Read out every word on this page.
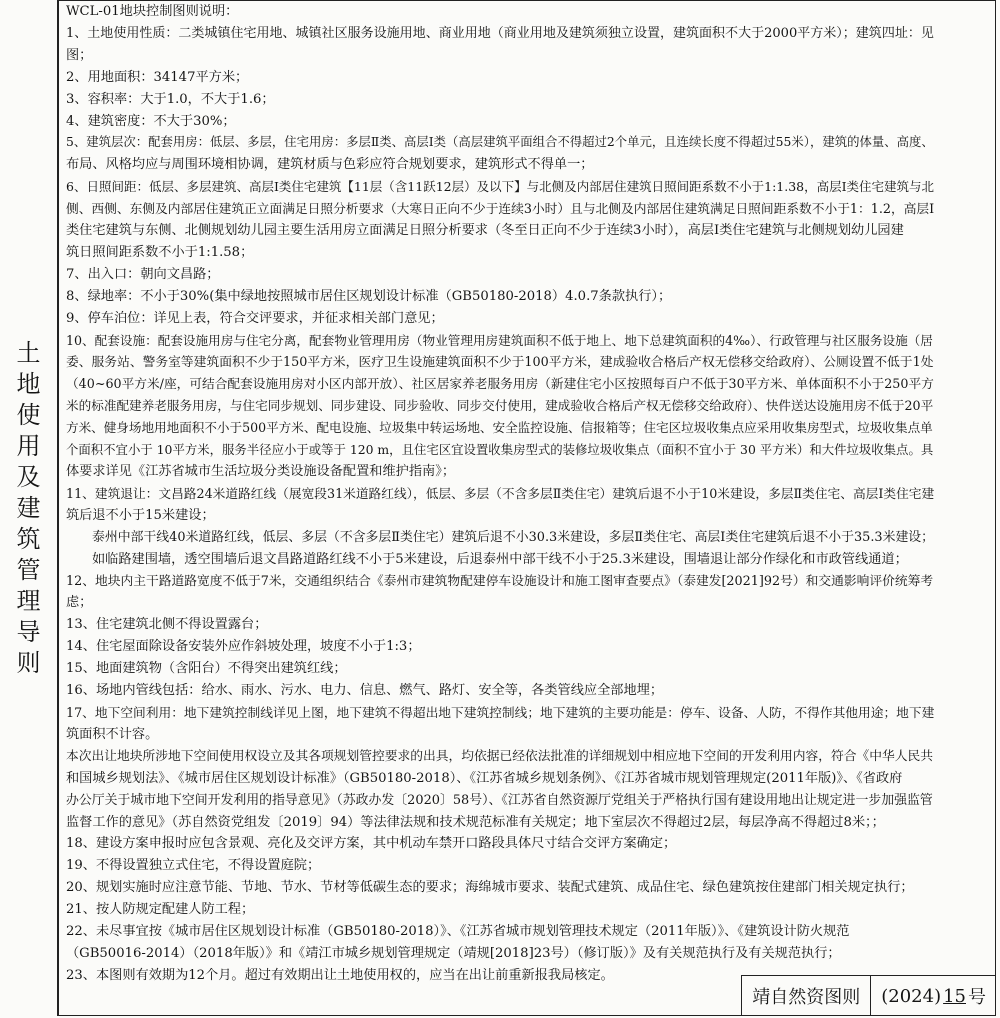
土
地
使
用
及
建
筑
管
理
导
则
WCL-01地块控制图则说明：
1、土地使用性质：二类城镇住宅用地、城镇社区服务设施用地、商业用地（商业用地及建筑须独立设置，建筑面积不大于2000平方米）；建筑四址：见
图；
2、用地面积：34147平方米；
3、容积率：大于1.0，不大于1.6；
4、建筑密度：不大于30%；
5、建筑层次：配套用房：低层、多层，住宅用房：多层Ⅱ类、高层Ⅰ类（高层建筑平面组合不得超过2个单元，且连续长度不得超过55米），建筑的体量、高度、
布局、风格均应与周围环境相协调，建筑材质与色彩应符合规划要求，建筑形式不得单一；
6、日照间距：低层、多层建筑、高层Ⅰ类住宅建筑【11层（含11跃12层）及以下】与北侧及内部居住建筑日照间距系数不小于1:1.38，高层Ⅰ类住宅建筑与北
侧、西侧、东侧及内部居住建筑正立面满足日照分析要求（大寒日正向不少于连续3小时）且与北侧及内部居住建筑满足日照间距系数不小于1：1.2，高层Ⅰ
类住宅建筑与东侧、北侧规划幼儿园主要生活用房立面满足日照分析要求（冬至日正向不少于连续3小时），高层Ⅰ类住宅建筑与北侧规划幼儿园建
筑日照间距系数不小于1:1.58；
7、出入口：朝向文昌路；
8、绿地率：不小于30%(集中绿地按照城市居住区规划设计标准（GB50180-2018）4.0.7条款执行）；
9、停车泊位：详见上表，符合交评要求，并征求相关部门意见；
10、配套设施：配套设施用房与住宅分离，配套物业管理用房（物业管理用房建筑面积不低于地上、地下总建筑面积的4‰）、行政管理与社区服务设施（居
委、服务站、警务室等建筑面积不少于150平方米，医疗卫生设施建筑面积不少于100平方米，建成验收合格后产权无偿移交给政府）、公厕设置不低于1处
（40~60平方米/座，可结合配套设施用房对小区内部开放）、社区居家养老服务用房（新建住宅小区按照每百户不低于30平方米、单体面积不小于250平方
米的标准配建养老服务用房，与住宅同步规划、同步建设、同步验收、同步交付使用，建成验收合格后产权无偿移交给政府）、快件送达设施用房不低于20平
方米、健身场地用地面积不小于500平方米、配电设施、垃圾集中转运场地、安全监控设施、信报箱等；住宅区垃圾收集点应采用收集房型式，垃圾收集点单
个面积不宜小于 10平方米，服务半径应小于或等于 120 m，且住宅区宜设置收集房型式的装修垃圾收集点（面积不宜小于 30 平方米）和大件垃圾收集点。具
体要求详见《江苏省城市生活垃圾分类设施设备配置和维护指南》；
11、建筑退让：文昌路24米道路红线（展宽段31米道路红线），低层、多层（不含多层Ⅱ类住宅）建筑后退不小于10米建设，多层Ⅱ类住宅、高层Ⅰ类住宅建
筑后退不小于15米建设；
泰州中部干线40米道路红线，低层、多层（不含多层Ⅱ类住宅）建筑后退不小30.3米建设，多层Ⅱ类住宅、高层Ⅰ类住宅建筑后退不小于35.3米建设；
如临路建围墙，透空围墙后退文昌路道路红线不小于5米建设，后退泰州中部干线不小于25.3米建设，围墙退让部分作绿化和市政管线通道；
12、地块内主干路道路宽度不低于7米，交通组织结合《泰州市建筑物配建停车设施设计和施工图审查要点》（泰建发[2021]92号）和交通影响评价统筹考
虑；
13、住宅建筑北侧不得设置露台；
14、住宅屋面除设备安装外应作斜坡处理，坡度不小于1:3；
15、地面建筑物（含阳台）不得突出建筑红线；
16、场地内管线包括：给水、雨水、污水、电力、信息、燃气、路灯、安全等，各类管线应全部地埋；
17、地下空间利用：地下建筑控制线详见上图，地下建筑不得超出地下建筑控制线；地下建筑的主要功能是：停车、设备、人防，不得作其他用途；地下建
筑面积不计容。
本次出让地块所涉地下空间使用权设立及其各项规划管控要求的出具，均依据已经依法批准的详细规划中相应地下空间的开发利用内容，符合《中华人民共
和国城乡规划法》、《城市居住区规划设计标准》（GB50180-2018）、《江苏省城乡规划条例》、《江苏省城市规划管理规定(2011年版)》、《省政府
办公厅关于城市地下空间开发利用的指导意见》（苏政办发〔2020〕58号）、《江苏省自然资源厅党组关于严格执行国有建设用地出让规定进一步加强监管
监督工作的意见》（苏自然资党组发〔2019〕94）等法律法规和技术规范标准有关规定；地下室层次不得超过2层，每层净高不得超过8米；；
18、建设方案申报时应包含景观、亮化及交评方案，其中机动车禁开口路段具体尺寸结合交评方案确定；
19、不得设置独立式住宅，不得设置庭院；
20、规划实施时应注意节能、节地、节水、节材等低碳生态的要求；海绵城市要求、装配式建筑、成品住宅、绿色建筑按住建部门相关规定执行；
21、按人防规定配建人防工程；
22、未尽事宜按《城市居住区规划设计标准（GB50180-2018）》、《江苏省城市规划管理技术规定（2011年版）》、《建筑设计防火规范
（GB50016-2014）（2018年版）》和《靖江市城乡规划管理规定（靖规[2018]23号）（修订版）》及有关规范执行及有关规范执行；
23、本图则有效期为12个月。超过有效期出让土地使用权的，应当在出让前重新报我局核定。
靖自然资图则	(2024) 15 号
